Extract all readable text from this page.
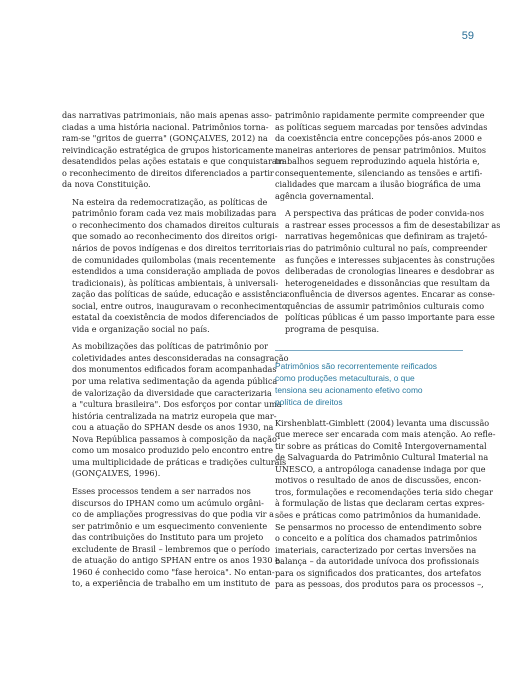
59

das narrativas patrimoniais, não mais apenas asso-
ciadas a uma história nacional. Patrimônios torna-
ram-se "gritos de guerra" (GONÇALVES, 2012) na
reivindicação estratégica de grupos historicamente
desatendidos pelas ações estatais e que conquistaram
o reconhecimento de direitos diferenciados a partir
da nova Constituição.

Na esteira da redemocratização, as políticas de
patrimônio foram cada vez mais mobilizadas para
o reconhecimento dos chamados direitos culturais
que somado ao reconhecimento dos direitos origi-
nários de povos indígenas e dos direitos territoriais
de comunidades quilombolas (mais recentemente
estendidos a uma consideração ampliada de povos
tradicionais), às políticas ambientais, à universali-
zação das políticas de saúde, educação e assistência
social, entre outros, inauguravam o reconhecimento
estatal da coexistência de modos diferenciados de
vida e organização social no país.

As mobilizações das políticas de patrimônio por
coletividades antes desconsideradas na consagração
dos monumentos edificados foram acompanhadas
por uma relativa sedimentação da agenda pública
de valorização da diversidade que caracterizaria
a "cultura brasileira". Dos esforços por contar uma
história centralizada na matriz europeia que mar-
cou a atuação do SPHAN desde os anos 1930, na
Nova República passamos à composição da nação
como um mosaico produzido pelo encontro entre
uma multiplicidade de práticas e tradições culturais
(GONÇALVES, 1996).

Esses processos tendem a ser narrados nos
discursos do IPHAN como um acúmulo orgâni-
co de ampliações progressivas do que podia vir a
ser patrimônio e um esquecimento conveniente
das contribuições do Instituto para um projeto
excludente de Brasil – lembremos que o período
de atuação do antigo SPHAN entre os anos 1930 e
1960 é conhecido como "fase heroica". No entan-
to, a experiência de trabalho em um instituto de

patrimônio rapidamente permite compreender que
as políticas seguem marcadas por tensões advindas
da coexistência entre concepções pós-anos 2000 e
maneiras anteriores de pensar patrimônios. Muitos
trabalhos seguem reproduzindo aquela história e,
consequentemente, silenciando as tensões e artifi-
cialidades que marcam a ilusão biográfica de uma
agência governamental.

A perspectiva das práticas de poder convida-nos
a rastrear esses processos a fim de desestabilizar as
narrativas hegemônicas que definiram as trajetó-
rias do patrimônio cultural no país, compreender
as funções e interesses subjacentes às construções
deliberadas de cronologias lineares e desdobrar as
heterogeneidades e dissonâncias que resultam da
confluência de diversos agentes. Encarar as conse-
quências de assumir patrimônios culturais como
políticas públicas é um passo importante para esse
programa de pesquisa.

Patrimônios são recorrentemente reificados
como produções metaculturais, o que
tensiona seu acionamento efetivo como
política de direitos

Kirshenblatt-Gimblett (2004) levanta uma discussão
que merece ser encarada com mais atenção. Ao refle-
tir sobre as práticas do Comitê Intergovernamental
de Salvaguarda do Patrimônio Cultural Imaterial na
UNESCO, a antropóloga canadense indaga por que
motivos o resultado de anos de discussões, encon-
tros, formulações e recomendações teria sido chegar
à formulação de listas que declaram certas expres-
sões e práticas como patrimônios da humanidade.
Se pensarmos no processo de entendimento sobre
o conceito e a política dos chamados patrimônios
imateriais, caracterizado por certas inversões na
balança – da autoridade unívoca dos profissionais
para os significados dos praticantes, dos artefatos
para as pessoas, dos produtos para os processos –,
